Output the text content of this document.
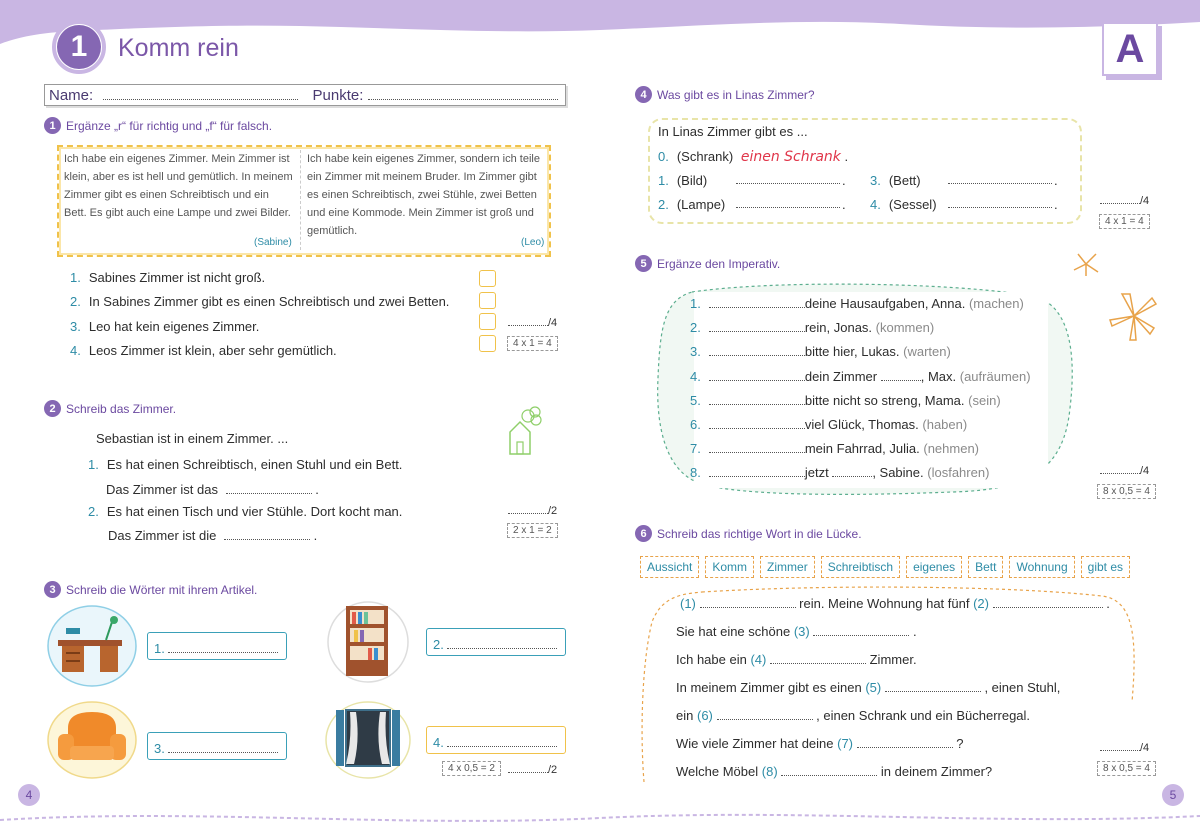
1	Komm rein	A
Name:	Punkte:
1 Ergänze „r“ für richtig und „f“ für falsch.
Ich habe ein eigenes Zimmer. Mein Zimmer ist klein, aber es ist hell und gemütlich. In meinem Zimmer gibt es einen Schreibtisch und ein Bett. Es gibt auch eine Lampe und zwei Bilder.
(Sabine)
Ich habe kein eigenes Zimmer, sondern ich teile ein Zimmer mit meinem Bruder. Im Zimmer gibt es einen Schreibtisch, zwei Stühle, zwei Betten und eine Kommode. Mein Zimmer ist groß und gemütlich.
(Leo)
1. Sabines Zimmer ist nicht groß.
2. In Sabines Zimmer gibt es einen Schreibtisch und zwei Betten.
3. Leo hat kein eigenes Zimmer.
4. Leos Zimmer ist klein, aber sehr gemütlich.
/4
4 x 1 = 4
2 Schreib das Zimmer.
Sebastian ist in einem Zimmer. ...
1. Es hat einen Schreibtisch, einen Stuhl und ein Bett.
Das Zimmer ist das	.
2. Es hat einen Tisch und vier Stühle. Dort kocht man.
Das Zimmer ist die	.
/2
2 x 1 = 2
3 Schreib die Wörter mit ihrem Artikel.
1.	2.
3.	4.
4 x 0,5 = 2	/2
4
4 Was gibt es in Linas Zimmer?
In Linas Zimmer gibt es ...
0. (Schrank) einen Schrank .
1. (Bild)	. 3. (Bett)	.
2. (Lampe)	. 4. (Sessel)	.	/4
4 x 1 = 4
5 Ergänze den Imperativ.
1.	deine Hausaufgaben, Anna. (machen)
2.	rein, Jonas. (kommen)
3.	bitte hier, Lukas. (warten)
4.	dein Zimmer	, Max. (aufräumen)
5.	bitte nicht so streng, Mama. (sein)
6.	viel Glück, Thomas. (haben)
7.	mein Fahrrad, Julia. (nehmen)
8.	jetzt	, Sabine. (losfahren)	/4
8 x 0,5 = 4
6 Schreib das richtige Wort in die Lücke.
Aussicht	Komm	Zimmer	Schreibtisch	eigenes	Bett	Wohnung	gibt es
(1)	rein. Meine Wohnung hat fünf (2)	.
Sie hat eine schöne (3)	.
Ich habe ein (4)	Zimmer.
In meinem Zimmer gibt es einen (5)	, einen Stuhl,
ein (6)	, einen Schrank und ein Bücherregal.
Wie viele Zimmer hat deine (7)	?
Welche Möbel (8)	in deinem Zimmer?
/4
8 x 0,5 = 4
5
